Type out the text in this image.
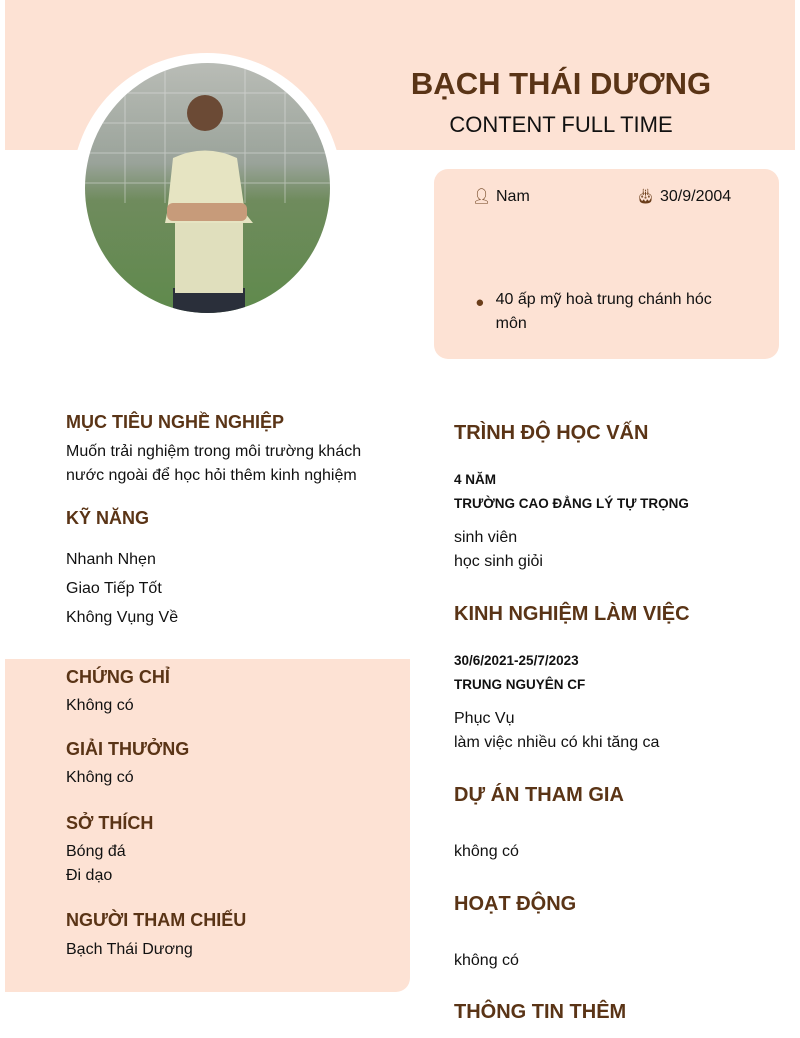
BẠCH THÁI DƯƠNG
CONTENT FULL TIME
👤︎ Nam	🎂︎ 30/9/2004
● 40 ấp mỹ hoà trung chánh hóc môn
MỤC TIÊU NGHỀ NGHIỆP
Muốn trải nghiệm trong môi trường khách nước ngoài để học hỏi thêm kinh nghiệm
KỸ NĂNG
Nhanh Nhẹn
Giao Tiếp Tốt
Không Vụng Về
CHỨNG CHỈ
Không có
GIẢI THƯỞNG
Không có
SỞ THÍCH
Bóng đá
Đi dạo
NGƯỜI THAM CHIẾU
Bạch Thái Dương
TRÌNH ĐỘ HỌC VẤN
4 NĂM
TRƯỜNG CAO ĐẲNG LÝ TỰ TRỌNG
sinh viên
học sinh giỏi
KINH NGHIỆM LÀM VIỆC
30/6/2021-25/7/2023
TRUNG NGUYÊN CF
Phục Vụ
làm việc nhiều có khi tăng ca
DỰ ÁN THAM GIA
không có
HOẠT ĐỘNG
không có
THÔNG TIN THÊM
